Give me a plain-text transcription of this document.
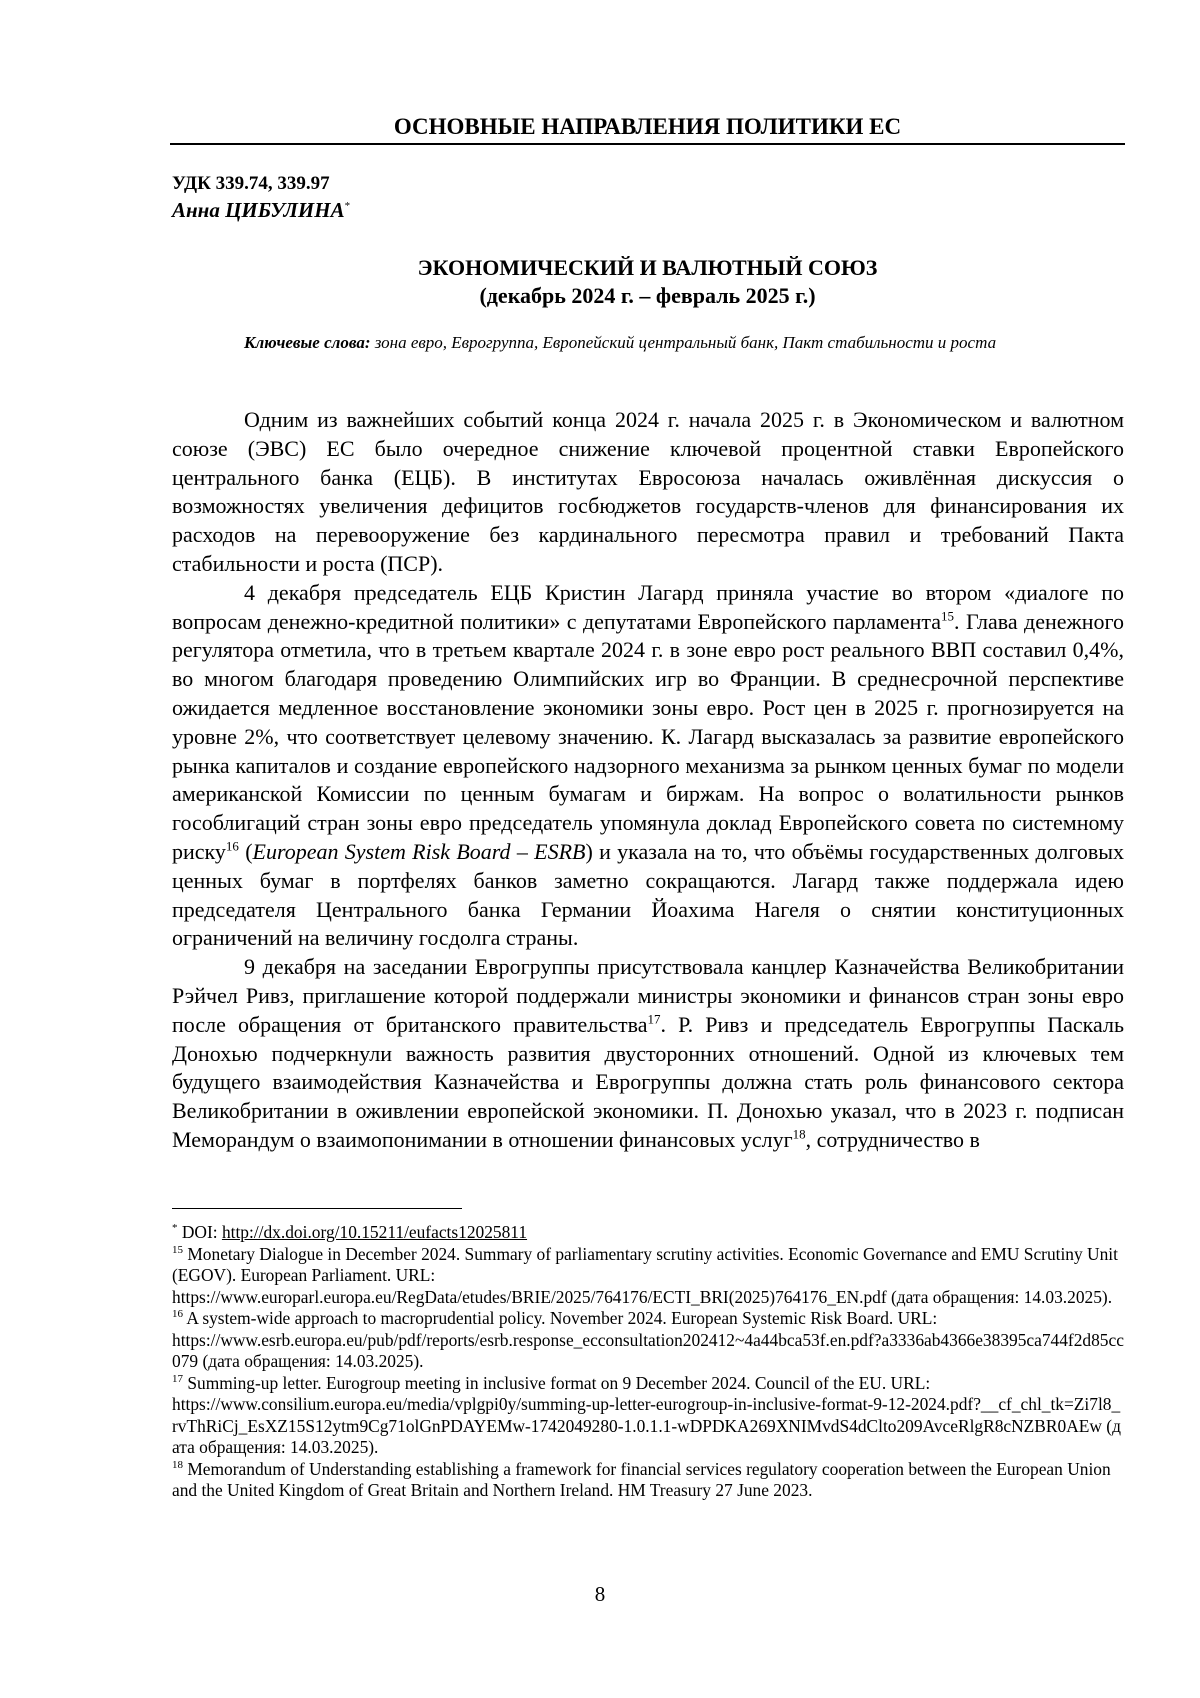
ОСНОВНЫЕ НАПРАВЛЕНИЯ ПОЛИТИКИ ЕС
УДК 339.74, 339.97
Анна ЦИБУЛИНА*
ЭКОНОМИЧЕСКИЙ И ВАЛЮТНЫЙ СОЮЗ
(декабрь 2024 г. – февраль 2025 г.)
Ключевые слова: зона евро, Еврогруппа, Европейский центральный банк, Пакт стабильности и роста

Одним из важнейших событий конца 2024 г. начала 2025 г. в Экономическом и валютном союзе (ЭВС) ЕС было очередное снижение ключевой процентной ставки Европейского центрального банка (ЕЦБ). В институтах Евросоюза началась оживлённая дискуссия о возможностях увеличения дефицитов госбюджетов государств-членов для финансирования их расходов на перевооружение без кардинального пересмотра правил и требований Пакта стабильности и роста (ПСР).

4 декабря председатель ЕЦБ Кристин Лагард приняла участие во втором «диалоге по вопросам денежно-кредитной политики» с депутатами Европейского парламента$^{15}$. Глава денежного регулятора отметила, что в третьем квартале 2024 г. в зоне евро рост реального ВВП составил 0,4%, во многом благодаря проведению Олимпийских игр во Франции. В среднесрочной перспективе ожидается медленное восстановление экономики зоны евро. Рост цен в 2025 г. прогнозируется на уровне 2%, что соответствует целевому значению. К. Лагард высказалась за развитие европейского рынка капиталов и создание европейского надзорного механизма за рынком ценных бумаг по модели американской Комиссии по ценным бумагам и биржам. На вопрос о волатильности рынков гособлигаций стран зоны евро председатель упомянула доклад Европейского совета по системному риску$^{16}$ (European System Risk Board – ESRB) и указала на то, что объёмы государственных долговых ценных бумаг в портфелях банков заметно сокращаются. Лагард также поддержала идею председателя Центрального банка Германии Йоахима Нагеля о снятии конституционных ограничений на величину госдолга страны.

9 декабря на заседании Еврогруппы присутствовала канцлер Казначейства Великобритании Рэйчел Ривз, приглашение которой поддержали министры экономики и финансов стран зоны евро после обращения от британского правительства$^{17}$. Р. Ривз и председатель Еврогруппы Паскаль Донохью подчеркнули важность развития двусторонних отношений. Одной из ключевых тем будущего взаимодействия Казначейства и Еврогруппы должна стать роль финансового сектора Великобритании в оживлении европейской экономики. П. Донохью указал, что в 2023 г. подписан Меморандум о взаимопонимании в отношении финансовых услуг$^{18}$, сотрудничество в

* DOI: http://dx.doi.org/10.15211/eufacts12025811

$^{15}$ Monetary Dialogue in December 2024. Summary of parliamentary scrutiny activities. Economic Governance and EMU Scrutiny Unit (EGOV). European Parliament. URL:
https://www.europarl.europa.eu/RegData/etudes/BRIE/2025/764176/ECTI_BRI(2025)764176_EN.pdf (дата обращения: 14.03.2025).

$^{16}$ A system-wide approach to macroprudential policy. November 2024. European Systemic Risk Board. URL:
https://www.esrb.europa.eu/pub/pdf/reports/esrb.response_ecconsultation202412~4a44bca53f.en.pdf?a3336ab4366e38395ca744f2d85cc079 (дата обращения: 14.03.2025).

$^{17}$ Summing-up letter. Eurogroup meeting in inclusive format on 9 December 2024. Council of the EU. URL:
https://www.consilium.europa.eu/media/vplgpi0y/summing-up-letter-eurogroup-in-inclusive-format-9-12-2024.pdf?__cf_chl_tk=Zi7l8_rvThRiCj_EsXZ15S12ytm9Cg71olGnPDAYEMw-1742049280-1.0.1.1-wDPDKA269XNIMvdS4dClto209AvceRlgR8cNZBR0AEw (дата обращения: 14.03.2025).

$^{18}$ Memorandum of Understanding establishing a framework for financial services regulatory cooperation between the European Union and the United Kingdom of Great Britain and Northern Ireland. HM Treasury 27 June 2023.

8
